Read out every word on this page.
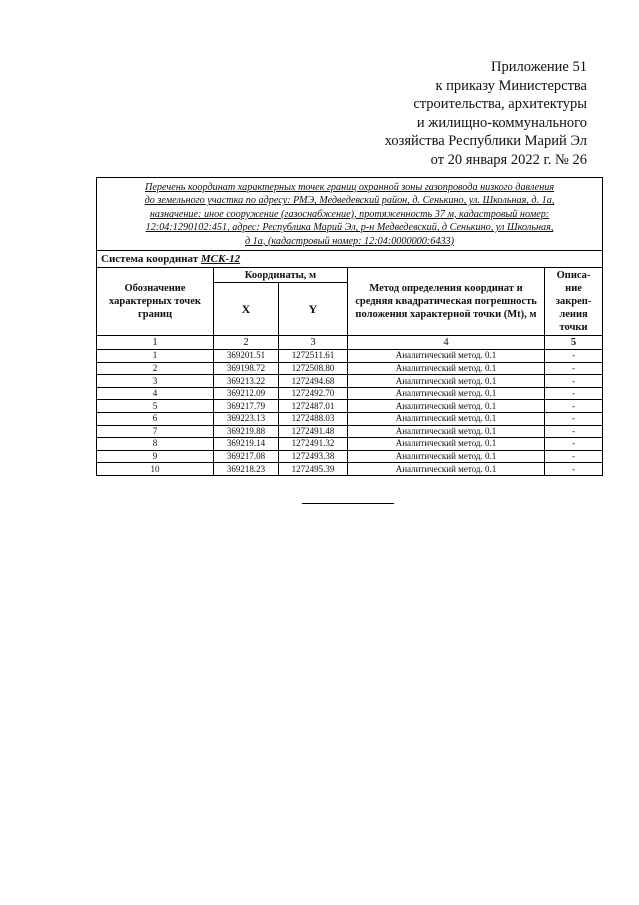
Приложение 51
к приказу Министерства
строительства, архитектуры
и жилищно-коммунального
хозяйства Республики Марий Эл
от 20 января 2022 г. № 26
Перечень координат характерных точек границ охранной зоны газопровода низкого давления
до земельного участка по адресу: РМЭ, Медведевский район, д. Сенькино, ул. Школьная, д. 1а,
назначение: иное сооружение (газоснабжение), протяженность 37 м, кадастровый номер:
12:04:1290102:451, адрес: Республика Марий Эл, р-н Медведевский, д Сенькино, ул Школьная,
д 1а, (кадастровый номер: 12:04:0000000:6433)				

Система координат МСК-12				
Обозначение характерных точек границ	Координаты, м		Метод определения координат и средняя квадратическая погрешность положения характерной точки (Mt), м	Описа-ние закреп-ления точки
	X	Y		
1	2	3	4	5
1	369201.51	1272511.61	Аналитический метод. 0.1	-
2	369198.72	1272508.80	Аналитический метод. 0.1	-
3	369213.22	1272494.68	Аналитический метод. 0.1	-
4	369212.09	1272492.70	Аналитический метод. 0.1	-
5	369217.79	1272487.01	Аналитический метод. 0.1	-
6	369223.13	1272488.03	Аналитический метод. 0.1	-
7	369219.88	1272491.48	Аналитический метод. 0.1	-
8	369219.14	1272491.32	Аналитический метод. 0.1	-
9	369217.08	1272493.38	Аналитический метод. 0.1	-
10	369218.23	1272495.39	Аналитический метод. 0.1	-
